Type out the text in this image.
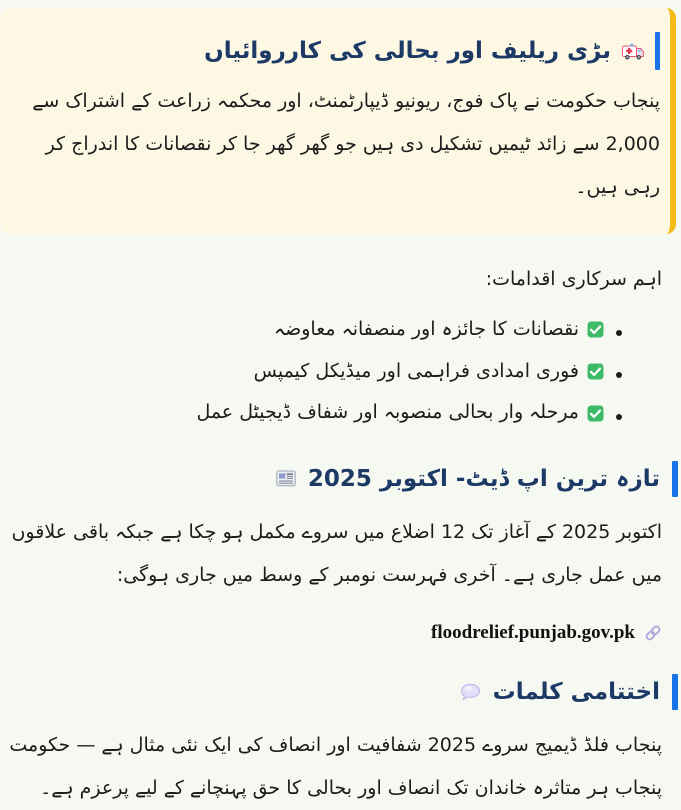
بڑی ریلیف اور بحالی کی کارروائیاں

پنجاب حکومت نے پاک فوج، ریونیو ڈیپارٹمنٹ، اور محکمہ زراعت کے اشتراک سے 2,000 سے زائد ٹیمیں تشکیل دی ہیں جو گھر گھر جا کر نقصانات کا اندراج کر رہی ہیں۔

اہم سرکاری اقدامات:

• نقصانات کا جائزہ اور منصفانہ معاوضہ
• فوری امدادی فراہمی اور میڈیکل کیمپس
• مرحلہ وار بحالی منصوبہ اور شفاف ڈیجیٹل عمل
تازہ ترین اپ ڈیٹ- اکتوبر 2025

اکتوبر 2025 کے آغاز تک 12 اضلاع میں سروے مکمل ہو چکا ہے جبکہ باقی علاقوں میں عمل جاری ہے۔ آخری فہرست نومبر کے وسط میں جاری ہوگی:

floodrelief.punjab.gov.pk
اختتامی کلمات

پنجاب فلڈ ڈیمیج سروے 2025 شفافیت اور انصاف کی ایک نئی مثال ہے — حکومت پنجاب ہر متاثرہ خاندان تک انصاف اور بحالی کا حق پہنچانے کے لیے پرعزم ہے۔
